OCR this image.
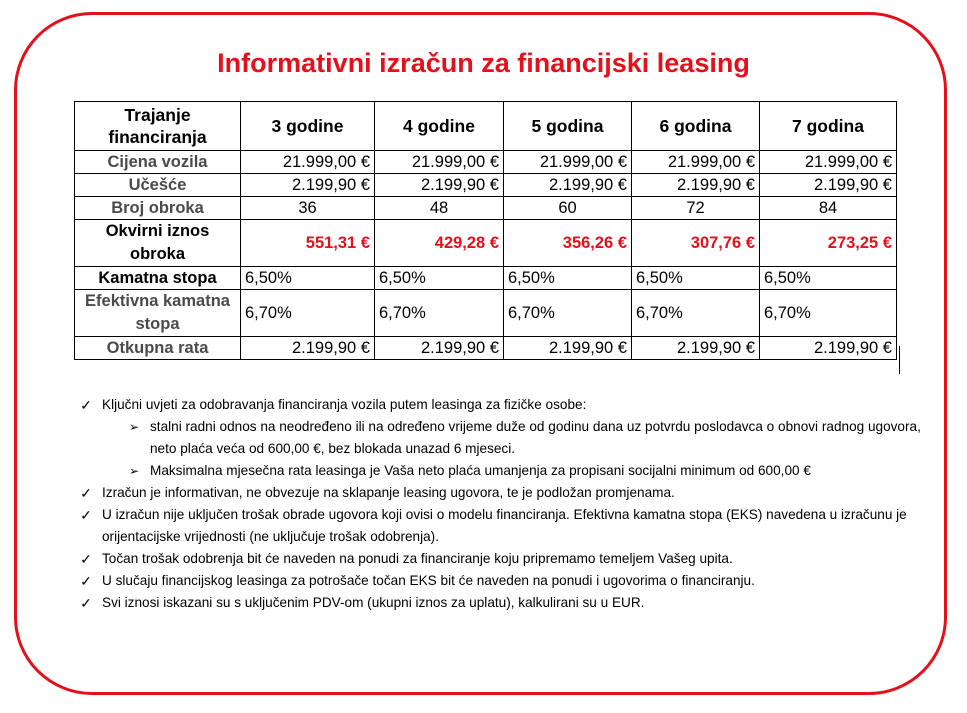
Informativni izračun za financijski leasing
Trajanje financiranja	3 godine	4 godine	5 godina	6 godina	7 godina
Cijena vozila	21.999,00 €	21.999,00 €	21.999,00 €	21.999,00 €	21.999,00 €
Učešće	2.199,90 €	2.199,90 €	2.199,90 €	2.199,90 €	2.199,90 €
Broj obroka	36	48	60	72	84
Okvirni iznos obroka	551,31 €	429,28 €	356,26 €	307,76 €	273,25 €
Kamatna stopa	6,50%	6,50%	6,50%	6,50%	6,50%
Efektivna kamatna stopa	6,70%	6,70%	6,70%	6,70%	6,70%
Otkupna rata	2.199,90 €	2.199,90 €	2.199,90 €	2.199,90 €	2.199,90 €
✓ Ključni uvjeti za odobravanja financiranja vozila putem leasinga za fizičke osobe:
➢ stalni radni odnos na neodređeno ili na određeno vrijeme duže od godinu dana uz potvrdu poslodavca o obnovi radnog ugovora, neto plaća veća od 600,00 €, bez blokada unazad 6 mjeseci.
➢ Maksimalna mjesečna rata leasinga je Vaša neto plaća umanjenja za propisani socijalni minimum od 600,00 €
✓ Izračun je informativan, ne obvezuje na sklapanje leasing ugovora, te je podložan promjenama.
✓ U izračun nije uključen trošak obrade ugovora koji ovisi o modelu financiranja. Efektivna kamatna stopa (EKS) navedena u izračunu je orijentacijske vrijednosti (ne uključuje trošak odobrenja).
✓ Točan trošak odobrenja bit će naveden na ponudi za financiranje koju pripremamo temeljem Vašeg upita.
✓ U slučaju financijskog leasinga za potrošače točan EKS bit će naveden na ponudi i ugovorima o financiranju.
✓ Svi iznosi iskazani su s uključenim PDV-om (ukupni iznos za uplatu), kalkulirani su u EUR.
